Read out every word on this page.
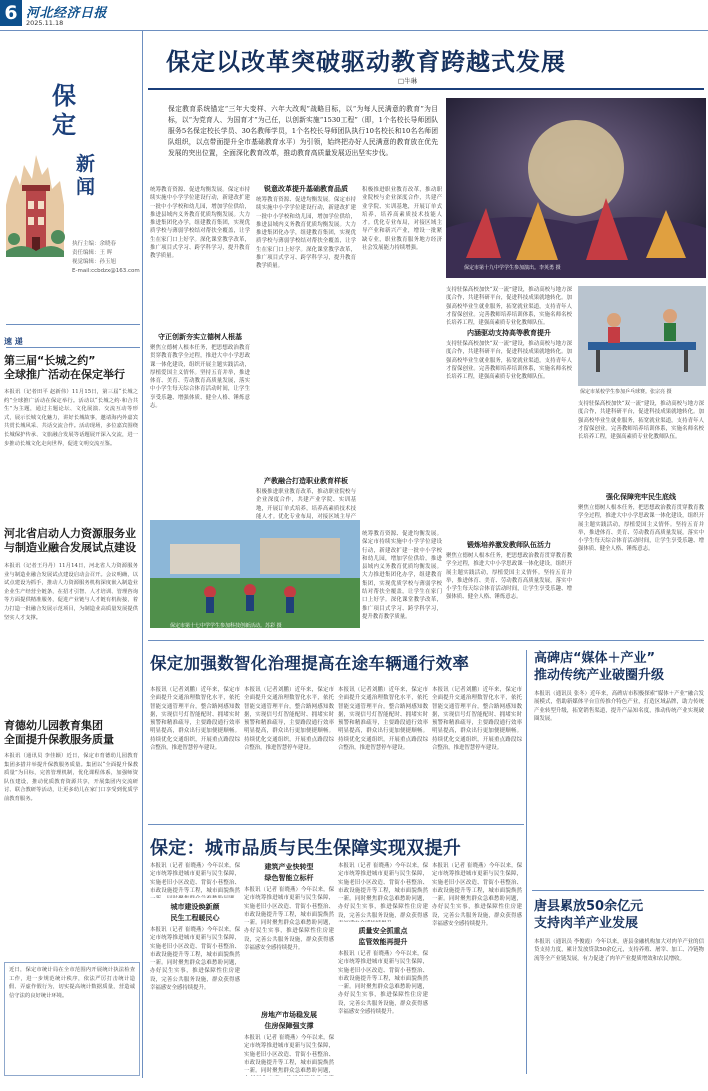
6 河北经济日报
2025.11.18
保定
新闻
执行主编：余晓春
责任编辑：王 晖
视觉编辑：孙玉旭
E-mail:ccbdzx@163.com
速 递
第三届“长城之约”
全球推广活动在保定举行
本报讯（记者田平 赵新伟）11月15日，第三届“长城之约”全球推广活动在保定举行。活动以“长城之约·和合共生”为主题，通过主题论坛、文化展演、交流互动等形式，展示长城文化魅力，讲好长城故事，邀请海内外嘉宾共赏长城风采、共话交流合作。活动现场，多位嘉宾围绕长城保护传承、文旅融合发展等话题展开深入交流，进一步推动长城文化走向世界，促进文明交流互鉴。
河北省启动人力资源服务业
与制造业融合发展试点建设
本报讯（记者王丹丹）11月14日，河北省人力资源服务业与制造业融合发展试点建设启动会召开。会议明确，以试点建设为抓手，推动人力资源服务机构深度嵌入制造业企业生产经营全链条，在招才引智、人才培训、管理咨询等方面提供精准服务，促进产业链与人才链有机衔接，着力打造一批融合发展示范项目，为制造业高质量发展提供坚实人才支撑。
育德幼儿园教育集团
全面提升保教服务质量
本报讯（通讯员 李佳颖）近日，保定市育德幼儿园教育集团多措并举提升保教服务质量。集团以“全面提升保教质量”为目标，完善管理机制，优化课程体系，加强师资队伍建设，推动优质教育资源共享，开展集团内交流研讨、联合教研等活动，让更多幼儿在家门口享受到优质学前教育服务。
近日，保定市统计局在全市范围内开展统计执法检查工作，进一步规范统计秩序，依法严厉打击统计造假、弄虚作假行为，切实提高统计数据质量，营造诚信守法的良好统计环境。
保定以改革突破驱动教育跨越式发展
□牛琳
保定教育系统锚定“三年大变样、六年大改观”战略目标，以“为每人民满意的教育”为目标，以“为党育人、为国育才”为己任，以创新实施“1530工程”（即，1个名校长导师团队服务5名保定校长学员、30名教师学员，1个名校长导师团队执行10名校长和10名名师团队组织，以点带面提升全市基础教育水平）为引领，始终把办好人民满意的教育放在优先发展的突出位置，全面深化教育改革，推动教育高质量发展迈出坚实步伐。
保定市第十九中学学生参加演出。李英勇 摄
统筹教育资源、促进均衡发展。保定市持续实施中小学学位建设行动，新建改扩建一批中小学校和幼儿园，增加学位供给，推进县域内义务教育优质均衡发展。大力推进集团化办学，组建教育集团，实现优质学校与薄弱学校结对帮扶全覆盖，让学生在家门口上好学。深化课堂教学改革，推广项目式学习、跨学科学习，提升教育教学质量。
守正创新夯实立德树人根基
聚焦立德树人根本任务，把思想政治教育贯穿教育教学全过程，推进大中小学思政课一体化建设，组织开展主题实践活动，厚植爱国主义情怀。坚持五育并举，推进体育、美育、劳动教育高质量发展，落实中小学生每天综合体育活动时间，让学生享受乐趣、增强体质、健全人格、锤炼意志。
锐意改革提升基础教育品质
统筹教育资源、促进均衡发展。保定市持续实施中小学学位建设行动，新建改扩建一批中小学校和幼儿园，增加学位供给，推进县域内义务教育优质均衡发展。大力推进集团化办学，组建教育集团，实现优质学校与薄弱学校结对帮扶全覆盖，让学生在家门口上好学。深化课堂教学改革，推广项目式学习、跨学科学习，提升教育教学质量。
产教融合打造职业教育样板
积极推进职业教育改革，推动职业院校与企业深度合作，共建产业学院、实训基地，开展订单式培养，培养高素质技术技能人才。优化专业布局，对接区域主导产
积极推进职业教育改革，推动职业院校与企业深度合作，共建产业学院、实训基地，开展订单式培养，培养高素质技术技能人才。优化专业布局，对接区域主导产业和新兴产业，增设一批紧缺专业，职业教育服务地方经济社会发展能力持续增强。
保定市第十七中学学生参加科技创新活动。苏彩 摄
支持驻保高校加快“双一流”建设，推动高校与地方深度合作，共建科研平台，促进科技成果就地转化。加强高校毕业生就业服务，拓宽就业渠道，支持青年人才留保创业。完善教师培养培训体系，实施名师名校长培养工程，建强高素质专业化教师队伍。
内涵驱动支持高等教育提升
支持驻保高校加快“双一流”建设，推动高校与地方深度合作，共建科研平台，促进科技成果就地转化。加强高校毕业生就业服务，拓宽就业渠道，支持青年人才留保创业。完善教师培养培训体系，实施名师名校长培养工程，建强高素质专业化教师队伍。
锻炼培养激发教师队伍活力
聚焦立德树人根本任务，把思想政治教育贯穿教育教学全过程，推进大中小学思政课一体化建设，组织开展主题实践活动，厚植爱国主义情怀。坚持五育并举，推进体育、美育、劳动教育高质量发展，落实中小学生每天综合体育活动时间，让学生享受乐趣、增强体质、健全人格、锤炼意志。
保定市某校学生参加乒乓球赛。张宗亮 摄
支持驻保高校加快“双一流”建设，推动高校与地方深度合作，共建科研平台，促进科技成果就地转化。加强高校毕业生就业服务，拓宽就业渠道，支持青年人才留保创业。完善教师培养培训体系，实施名师名校长培养工程，建强高素质专业化教师队伍。
强化保障兜牢民生底线
聚焦立德树人根本任务，把思想政治教育贯穿教育教学全过程，推进大中小学思政课一体化建设，组织开展主题实践活动，厚植爱国主义情怀。坚持五育并举，推进体育、美育、劳动教育高质量发展，落实中小学生每天综合体育活动时间，让学生享受乐趣、增强体质、健全人格、锤炼意志。
统筹教育资源、促进均衡发展。保定市持续实施中小学学位建设行动，新建改扩建一批中小学校和幼儿园，增加学位供给，推进县域内义务教育优质均衡发展。大力推进集团化办学，组建教育集团，实现优质学校与薄弱学校结对帮扶全覆盖，让学生在家门口上好学。深化课堂教学改革，推广项目式学习、跨学科学习，提升教育教学质量。
保定加强数智化治理提高在途车辆通行效率
本报讯（记者刘鹏）近年来，保定市全面提升交通治理数智化水平，依托智能交通管理平台，整合路网感知数据，实现信号灯智能配时、拥堵实时预警和精准疏导，主要路段通行效率明显提高，群众出行更加便捷顺畅。持续优化交通组织，开展重点路段综合整治，推进智慧停车建设。
本报讯（记者刘鹏）近年来，保定市全面提升交通治理数智化水平，依托智能交通管理平台，整合路网感知数据，实现信号灯智能配时、拥堵实时预警和精准疏导，主要路段通行效率明显提高，群众出行更加便捷顺畅。持续优化交通组织，开展重点路段综合整治，推进智慧停车建设。
本报讯（记者刘鹏）近年来，保定市全面提升交通治理数智化水平，依托智能交通管理平台，整合路网感知数据，实现信号灯智能配时、拥堵实时预警和精准疏导，主要路段通行效率明显提高，群众出行更加便捷顺畅。持续优化交通组织，开展重点路段综合整治，推进智慧停车建设。
本报讯（记者刘鹏）近年来，保定市全面提升交通治理数智化水平，依托智能交通管理平台，整合路网感知数据，实现信号灯智能配时、拥堵实时预警和精准疏导，主要路段通行效率明显提高，群众出行更加便捷顺畅。持续优化交通组织，开展重点路段综合整治，推进智慧停车建设。
高碑店“媒体＋产业”
推动传统产业破圈升级
本报讯（通讯员 张冬）近年来，高碑店市积极探索“媒体＋产业”融合发展模式，借助新媒体平台宣传推介特色产业，打造区域品牌，助力传统产业转型升级，拓宽销售渠道，提升产品知名度，推动传统产业实现破圈发展。
保定：城市品质与民生保障实现双提升
本报讯（记者 崔晓燕）今年以来，保定市统筹推进城市更新与民生保障，实施老旧小区改造、背街小巷整治、市政设施提升等工程，城市面貌焕然
城市建设焕新颜
民生工程暖民心
本报讯（记者 崔晓燕）今年以来，保定市统筹推进城市更新与民生保障，实施老旧小区改造、背街小巷整治、市政设施提升等工程，城市面貌焕然一新。同时聚焦群众急难愁盼问题，办好民生实事，推进保障性住房建设，完善公共服务设施，群众获得感幸福感安全感持续提升。
建筑产业快转型
绿色智能立标杆
本报讯（记者 崔晓燕）今年以来，保定市统筹推进城市更新与民生保障，实施老旧小区改造、背街小巷整治、市政设施提升等工程，城市面貌焕然一新。同时聚焦群众急难愁盼问题，办好民生实事，推进保障性住房建设，完善公共服务设施，群众获得感幸福感安全感持续提升。
房地产市场稳发展
住房保障强支撑
本报讯（记者 崔晓燕）今年以来，保定市统筹推进城市更新与民生保障，实施老旧小区改造、背街小巷整治、市政设施提升等工程，城市面貌焕然一新。同时聚焦群众急难愁盼问题，
本报讯（记者 崔晓燕）今年以来，保定市统筹推进城市更新与民生保障，实施老旧小区改造、背街小巷整治、市政设施提升等工程，城市面貌焕然一新。同时聚焦群众急难愁盼问题，办好民生实事，推进保障性住房建设，完善公共服务设施，群众获得感
质量安全抓重点
监管效能再提升
本报讯（记者 崔晓燕）今年以来，保定市统筹推进城市更新与民生保障，实施老旧小区改造、背街小巷整治、市政设施提升等工程，城市面貌焕然一新。同时聚焦群众急难愁盼问题，办好民生实事，推进保障性住房建设，完善公共服务设施，群众获得感幸福感安全感持续提升。
本报讯（记者 崔晓燕）今年以来，保定市统筹推进城市更新与民生保障，实施老旧小区改造、背街小巷整治、市政设施提升等工程，城市面貌焕然一新。同时聚焦群众急难愁盼问题，办好民生实事，推进保障性住房建设，完善公共服务设施，群众获得感幸福感安全感持续提升。
唐县累放50余亿元
支持肉羊产业发展
本报讯（通讯员 李俊霞）今年以来，唐县金融机构加大对肉羊产业的信贷支持力度，累计发放贷款50余亿元，支持养殖、屠宰、加工、冷链物流等全产业链发展，有力促进了肉羊产业提质增效和农民增收。
